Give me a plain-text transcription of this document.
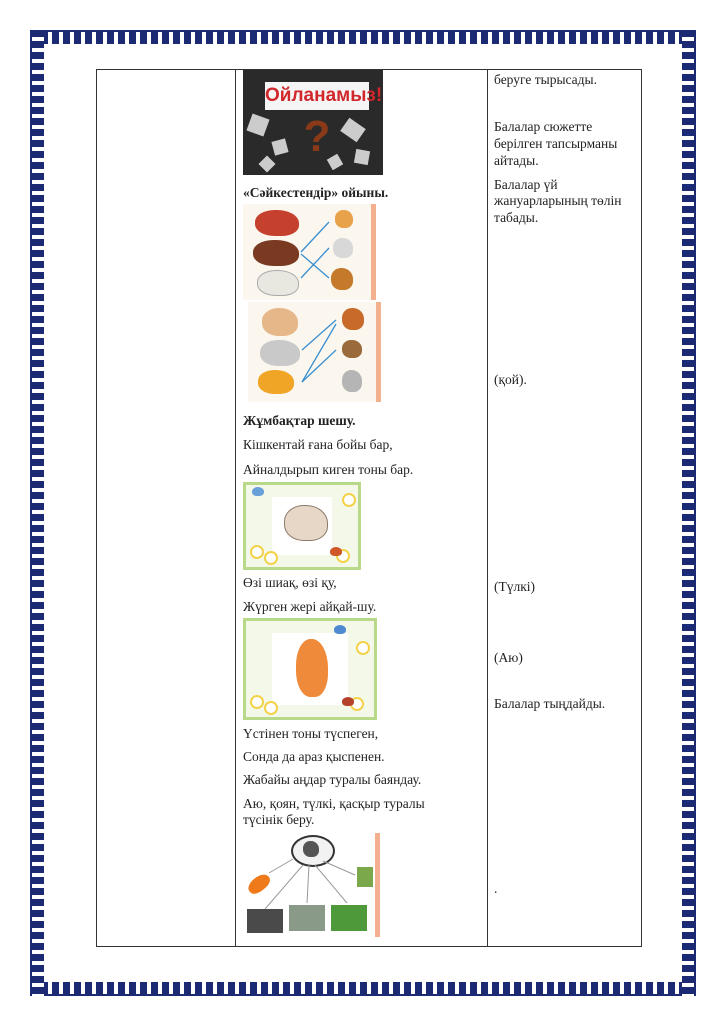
Ойланамыз!
?
«Сәйкестендір» ойыны.
Жұмбақтар шешу.
Кішкентай ғана бойы бар,
Айналдырып киген тоны бар.
Өзі шиақ, өзі қу,
Жүрген жері айқай-шу.
Үстінен тоны түспеген,
Сонда да араз қыспенен.
Жабайы аңдар туралы баяндау.
Аю, қоян, түлкі, қасқыр туралы
түсінік беру.
беруге тырысады.
Балалар сюжетте
берілген тапсырманы
айтады.
Балалар үй
жануарларының төлін
табады.
(қой).
(Түлкі)
(Аю)
Балалар тыңдайды.
.
